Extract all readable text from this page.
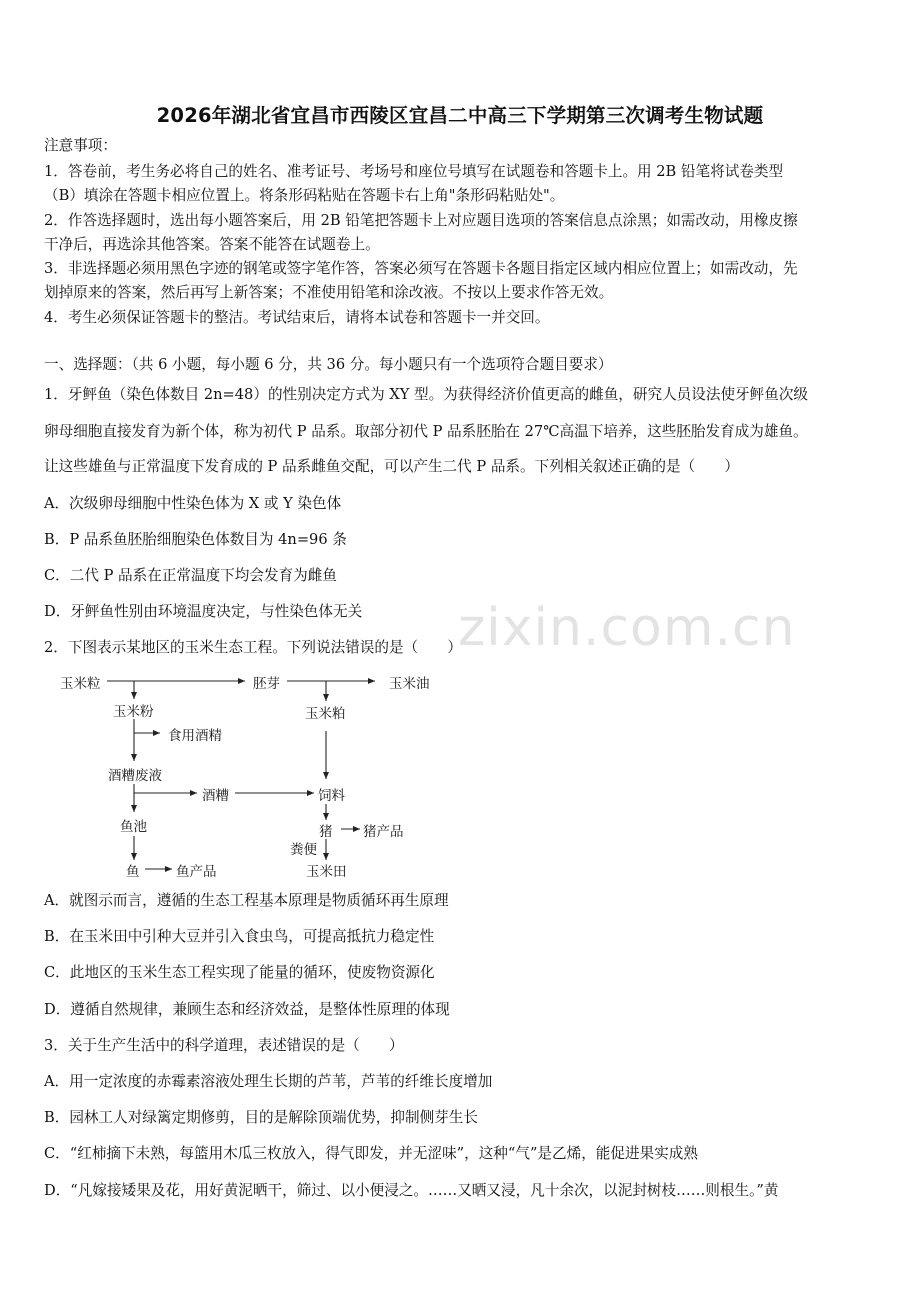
2026年湖北省宜昌市西陵区宜昌二中高三下学期第三次调考生物试题
注意事项：
1．答卷前，考生务必将自己的姓名、准考证号、考场号和座位号填写在试题卷和答题卡上。用 2B 铅笔将试卷类型
（B）填涂在答题卡相应位置上。将条形码粘贴在答题卡右上角"条形码粘贴处"。
2．作答选择题时，选出每小题答案后，用 2B 铅笔把答题卡上对应题目选项的答案信息点涂黑；如需改动，用橡皮擦
干净后，再选涂其他答案。答案不能答在试题卷上。
3．非选择题必须用黑色字迹的钢笔或签字笔作答，答案必须写在答题卡各题目指定区域内相应位置上；如需改动，先
划掉原来的答案，然后再写上新答案；不准使用铅笔和涂改液。不按以上要求作答无效。
4．考生必须保证答题卡的整洁。考试结束后，请将本试卷和答题卡一并交回。
一、选择题：（共 6 小题，每小题 6 分，共 36 分。每小题只有一个选项符合题目要求）
1．牙鲆鱼（染色体数目 2n=48）的性别决定方式为 XY 型。为获得经济价值更高的雌鱼，研究人员设法使牙鲆鱼次级
卵母细胞直接发育为新个体，称为初代 P 品系。取部分初代 P 品系胚胎在 27℃高温下培养，这些胚胎发育成为雄鱼。
让这些雄鱼与正常温度下发育成的 P 品系雌鱼交配，可以产生二代 P 品系。下列相关叙述正确的是（　　）
A．次级卵母细胞中性染色体为 X 或 Y 染色体
B．P 品系鱼胚胎细胞染色体数目为 4n=96 条
C．二代 P 品系在正常温度下均会发育为雌鱼
D．牙鲆鱼性别由环境温度决定，与性染色体无关 zixin.com.cn
2．下图表示某地区的玉米生态工程。下列说法错误的是（　　）
玉米粒	胚芽	玉米油
玉米粉	玉米粕
食用酒精
酒糟废液
酒糟	饲料
鱼池	猪 猪产品
粪便
鱼	鱼产品	玉米田
A．就图示而言，遵循的生态工程基本原理是物质循环再生原理
B．在玉米田中引种大豆并引入食虫鸟，可提高抵抗力稳定性
C．此地区的玉米生态工程实现了能量的循环，使废物资源化
D．遵循自然规律，兼顾生态和经济效益，是整体性原理的体现
3．关于生产生活中的科学道理，表述错误的是（　　）
A．用一定浓度的赤霉素溶液处理生长期的芦苇，芦苇的纤维长度增加
B．园林工人对绿篱定期修剪，目的是解除顶端优势，抑制侧芽生长
C．“红柿摘下未熟，每篮用木瓜三枚放入，得气即发，并无涩味”，这种“气”是乙烯，能促进果实成熟
D．“凡嫁接矮果及花，用好黄泥晒干，筛过、以小便浸之。……又晒又浸，凡十余次，以泥封树枝……则根生。”黄
